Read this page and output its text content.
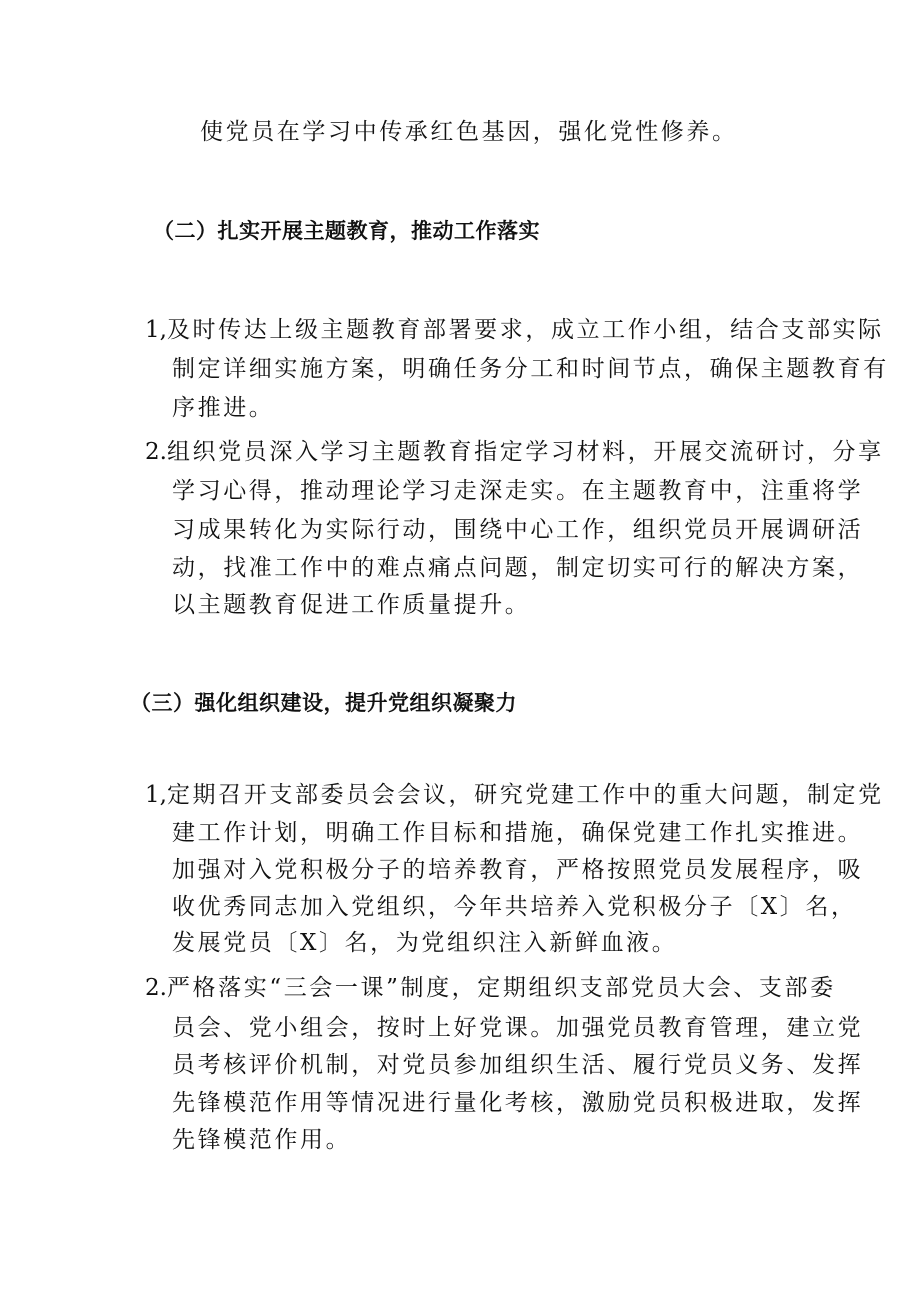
使党员在学习中传承红色基因，强化党性修养。
（二）扎实开展主题教育，推动工作落实
1,及时传达上级主题教育部署要求，成立工作小组，结合支部实际
制定详细实施方案，明确任务分工和时间节点，确保主题教育有
序推进。
2.组织党员深入学习主题教育指定学习材料，开展交流研讨，分享
学习心得，推动理论学习走深走实。在主题教育中，注重将学
习成果转化为实际行动，围绕中心工作，组织党员开展调研活
动，找准工作中的难点痛点问题，制定切实可行的解决方案，
以主题教育促进工作质量提升。
（三）强化组织建设，提升党组织凝聚力
1,定期召开支部委员会会议，研究党建工作中的重大问题，制定党
建工作计划，明确工作目标和措施，确保党建工作扎实推进。
加强对入党积极分子的培养教育，严格按照党员发展程序，吸
收优秀同志加入党组织，今年共培养入党积极分子〔X〕名，
发展党员〔X〕名，为党组织注入新鲜血液。
2.严格落实“三会一课”制度，定期组织支部党员大会、支部委
员会、党小组会，按时上好党课。加强党员教育管理，建立党
员考核评价机制，对党员参加组织生活、履行党员义务、发挥
先锋模范作用等情况进行量化考核，激励党员积极进取，发挥
先锋模范作用。
